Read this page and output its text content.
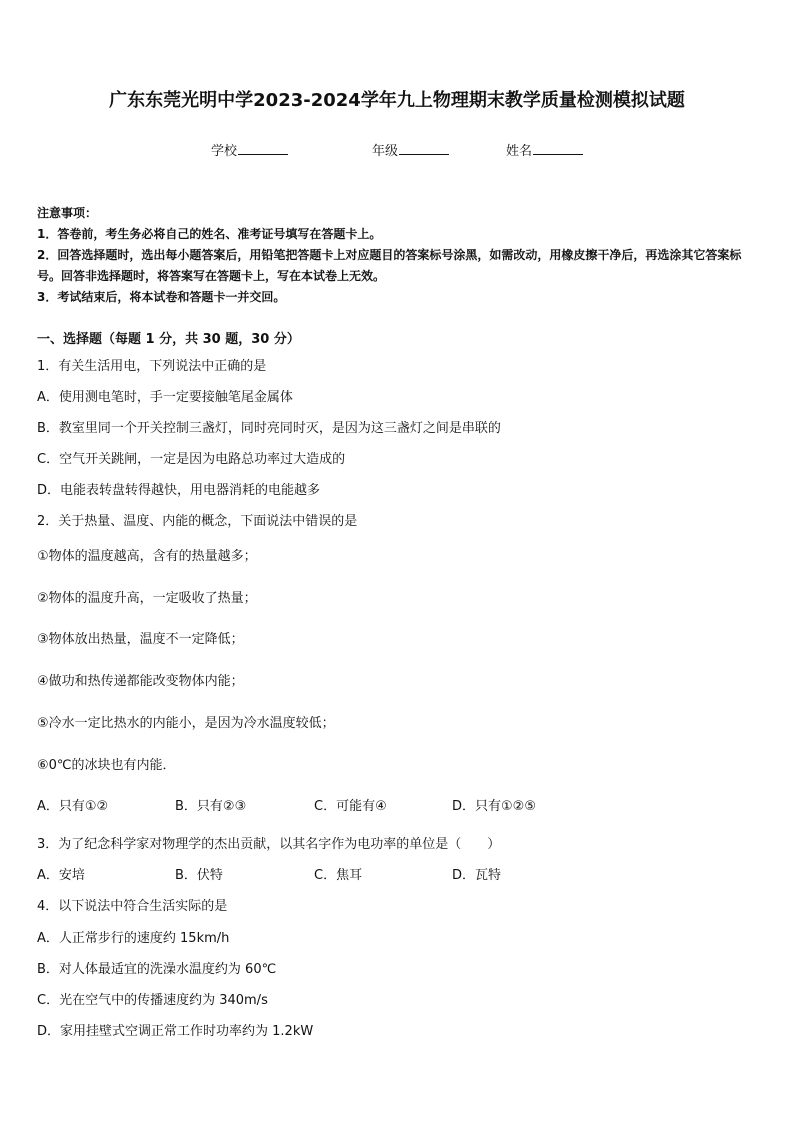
广东东莞光明中学2023-2024学年九上物理期末教学质量检测模拟试题
学校	年级	姓名
注意事项：
1．答卷前，考生务必将自己的姓名、准考证号填写在答题卡上。
2．回答选择题时，选出每小题答案后，用铅笔把答题卡上对应题目的答案标号涂黑，如需改动，用橡皮擦干净后，再选涂其它答案标号。回答非选择题时，将答案写在答题卡上，写在本试卷上无效。
3．考试结束后，将本试卷和答题卡一并交回。
一、选择题（每题 1 分，共 30 题，30 分）
1．有关生活用电，下列说法中正确的是
A．使用测电笔时，手一定要接触笔尾金属体
B．教室里同一个开关控制三盏灯，同时亮同时灭，是因为这三盏灯之间是串联的
C．空气开关跳闸，一定是因为电路总功率过大造成的
D．电能表转盘转得越快，用电器消耗的电能越多
2．关于热量、温度、内能的概念，下面说法中错误的是
①物体的温度越高，含有的热量越多；
②物体的温度升高，一定吸收了热量；
③物体放出热量，温度不一定降低；
④做功和热传递都能改变物体内能；
⑤冷水一定比热水的内能小，是因为冷水温度较低；
⑥0℃的冰块也有内能．
A．只有①②	B．只有②③	C．可能有④	D．只有①②⑤
3．为了纪念科学家对物理学的杰出贡献，以其名字作为电功率的单位是（　　）
A．安培	B．伏特	C．焦耳	D．瓦特
4．以下说法中符合生活实际的是
A．人正常步行的速度约 15km/h
B．对人体最适宜的洗澡水温度约为 60℃
C．光在空气中的传播速度约为 340m/s
D．家用挂壁式空调正常工作时功率约为 1.2kW
